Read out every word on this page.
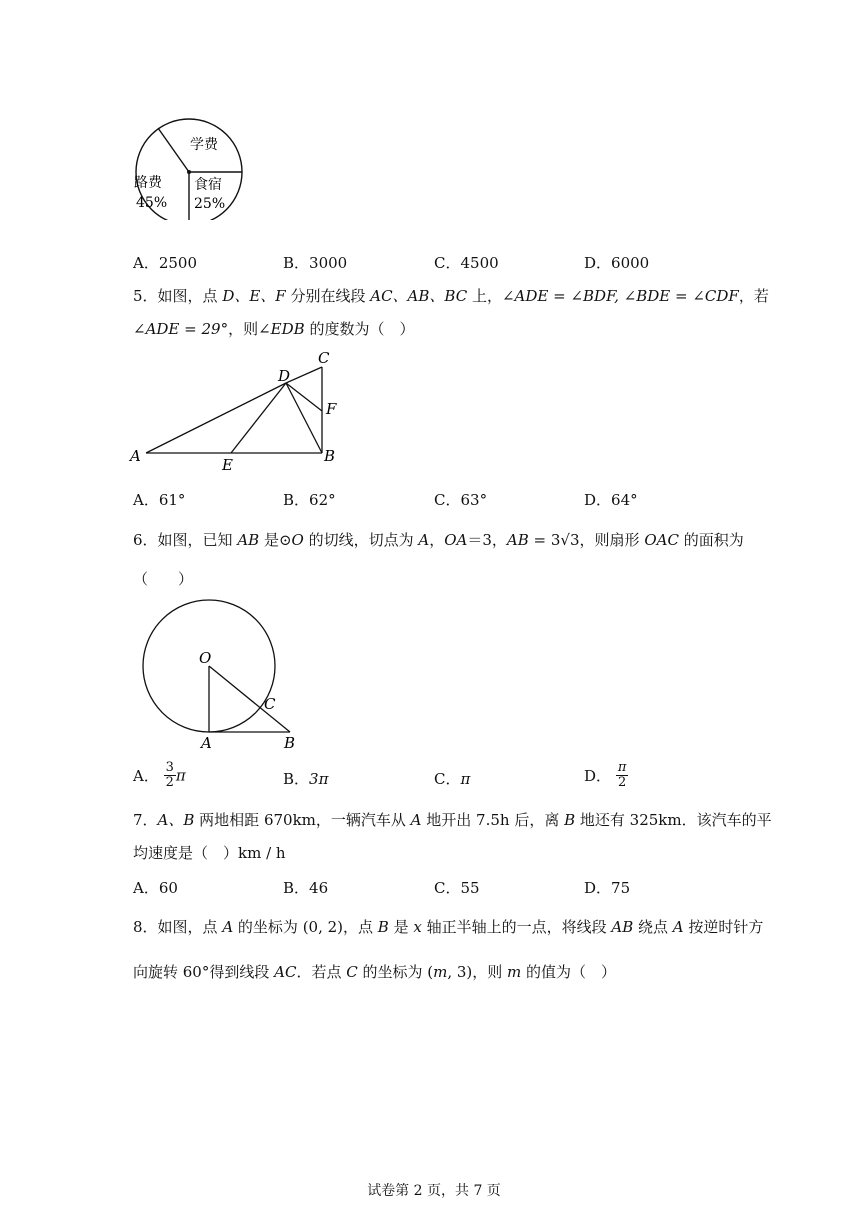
学费
路费
45%
食宿
25%
A．2500	B．3000	C．4500	D．6000
5．如图，点 D、E、F 分别在线段 AC、AB、BC 上，∠ADE = ∠BDF, ∠BDE = ∠CDF，若
∠ADE = 29°，则∠EDB 的度数为（　）
A	B
C
D
E
F
A．61°	B．62°	C．63°	D．64°
6．如图，已知 AB 是⊙O 的切线，切点为 A，OA＝3，AB = 3√3，则扇形 OAC 的面积为
（　　）
O
A	B
C
A． $\frac{3}{2}$ π	B．3π	C．π	D． $\frac{\pi}{2}$
7．A、B 两地相距 670km，一辆汽车从 A 地开出 7.5h 后，离 B 地还有 325km．该汽车的平
均速度是（　）km / h
A．60	B．46	C．55	D．75
8．如图，点 A 的坐标为 (0, 2)，点 B 是 x 轴正半轴上的一点，将线段 AB 绕点 A 按逆时针方
向旋转 60°得到线段 AC．若点 C 的坐标为 (m, 3)，则 m 的值为（　）
试卷第 2 页，共 7 页
